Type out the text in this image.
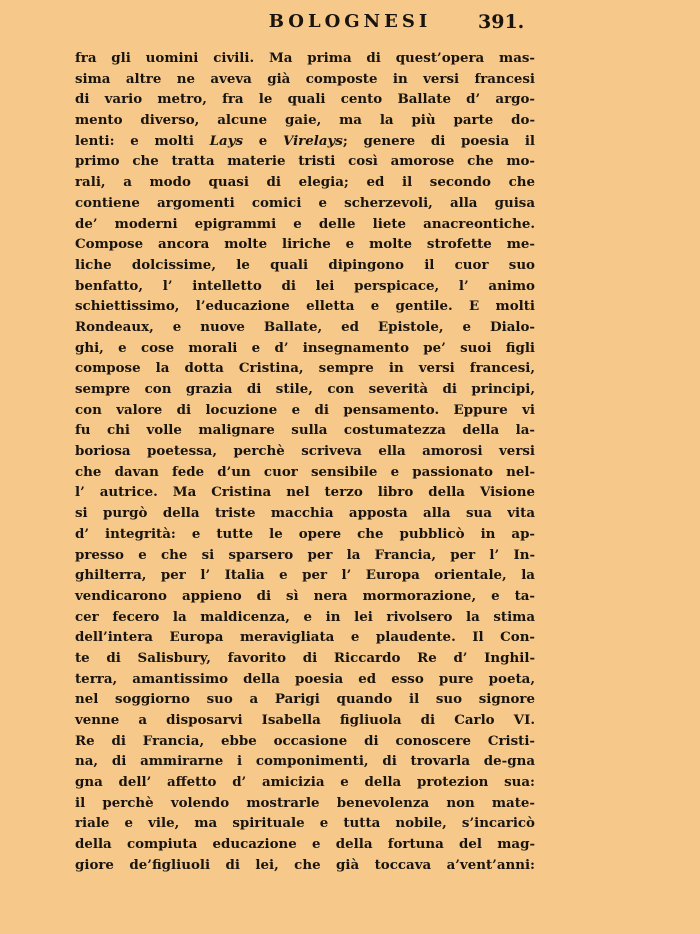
BOLOGNESI	391.
fra gli uomini civili. Ma prima di quest’opera mas-
sima altre ne aveva già composte in versi francesi
di vario metro, fra le quali cento Ballate d’ argo-
mento diverso, alcune gaie, ma la più parte do-
lenti: e molti Lays e Virelays; genere di poesia il
primo che tratta materie tristi così amorose che mo-
rali, a modo quasi di elegia; ed il secondo che
contiene argomenti comici e scherzevoli, alla guisa
de’ moderni epigrammi e delle liete anacreontiche.
Compose ancora molte liriche e molte strofette me-
liche dolcissime, le quali dipingono il cuor suo
benfatto, l’ intelletto di lei perspicace, l’ animo
schiettissimo, l’educazione elletta e gentile. E molti
Rondeaux, e nuove Ballate, ed Epistole, e Dialo-
ghi, e cose morali e d’ insegnamento pe’ suoi figli
compose la dotta Cristina, sempre in versi francesi,
sempre con grazia di stile, con severità di principi,
con valore di locuzione e di pensamento. Eppure vi
fu chi volle malignare sulla costumatezza della la-
boriosa poetessa, perchè scriveva ella amorosi versi
che davan fede d’un cuor sensibile e passionato nel-
l’ autrice. Ma Cristina nel terzo libro della Visione
si purgò della triste macchia apposta alla sua vita
d’ integrità: e tutte le opere che pubblicò in ap-
presso e che si sparsero per la Francia, per l’ In-
ghilterra, per l’ Italia e per l’ Europa orientale, la
vendicarono appieno di sì nera mormorazione, e ta-
cer fecero la maldicenza, e in lei rivolsero la stima
dell’intera Europa meravigliata e plaudente. Il Con-
te di Salisbury, favorito di Riccardo Re d’ Inghil-
terra, amantissimo della poesia ed esso pure poeta,
nel soggiorno suo a Parigi quando il suo signore
venne a disposarvi Isabella figliuola di Carlo VI.
Re di Francia, ebbe occasione di conoscere Cristi-
na, di ammirarne i componimenti, di trovarla de-gna
gna dell’ affetto d’ amicizia e della protezion sua:
il perchè volendo mostrarle benevolenza non mate-
riale e vile, ma spirituale e tutta nobile, s’incaricò
della compiuta educazione e della fortuna del mag-
giore de’figliuoli di lei, che già toccava a’vent’anni:
